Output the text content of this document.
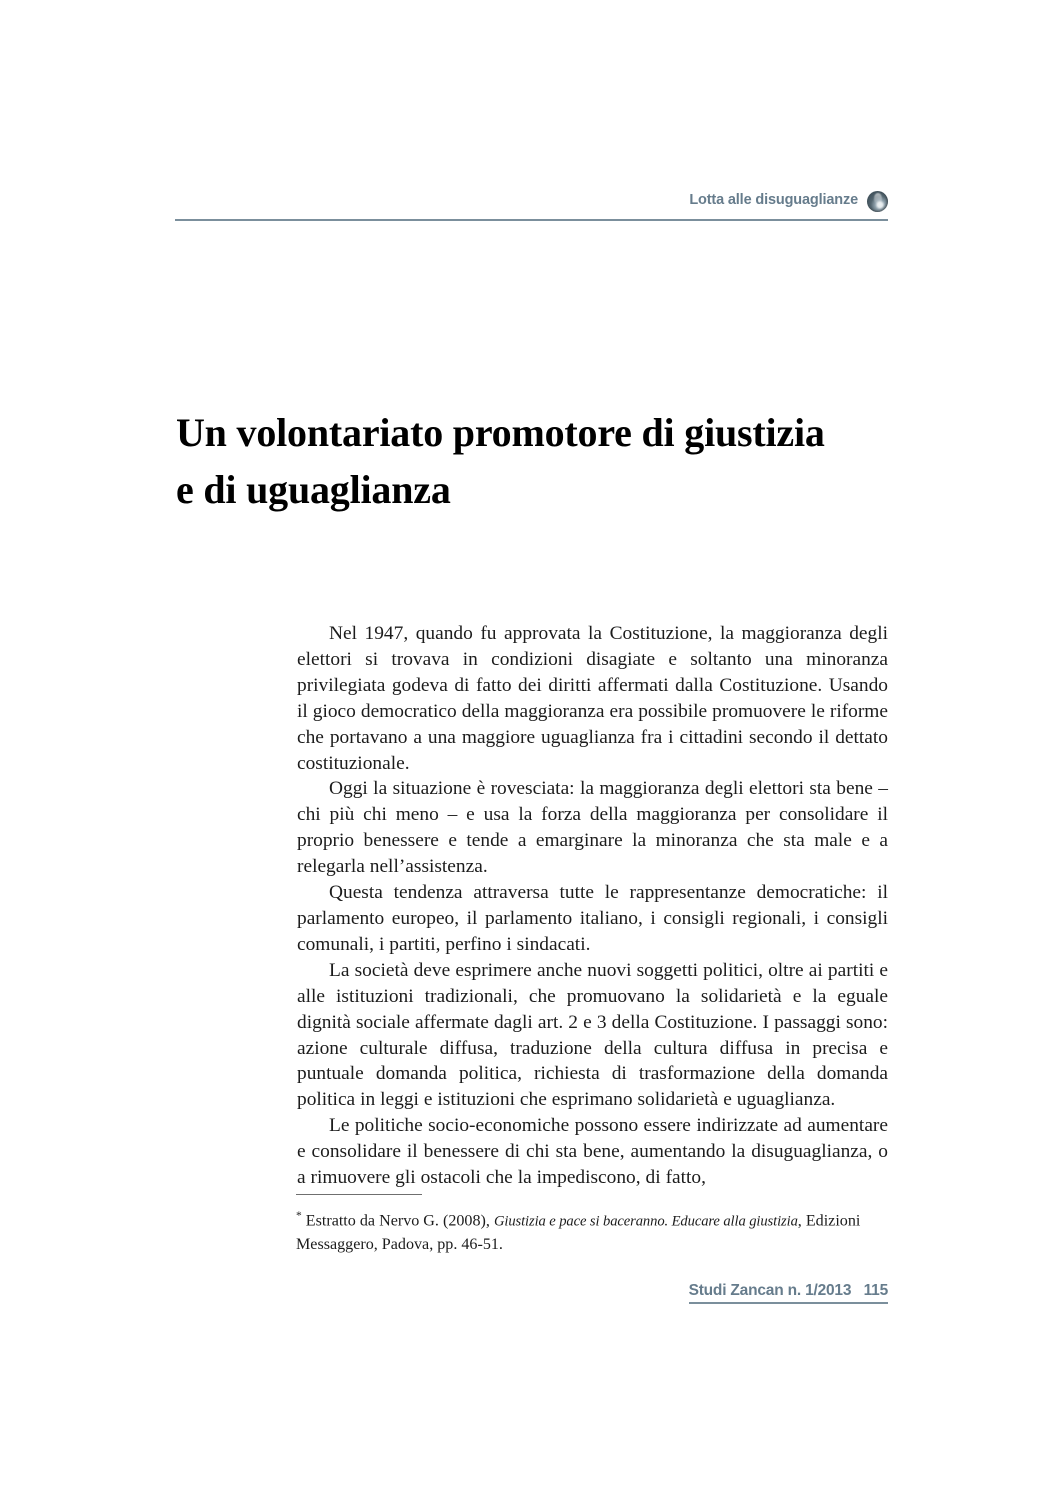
Lotta alle disuguaglianze
Un volontariato promotore di giustizia
e di uguaglianza

Nel 1947, quando fu approvata la Costituzione, la maggioranza degli elettori si trovava in condizioni disagiate e soltanto una minoranza privilegiata godeva di fatto dei diritti affermati dalla Costituzione. Usando il gioco democratico della maggioranza era possibile promuovere le riforme che portavano a una maggiore uguaglianza fra i cittadini secondo il dettato costituzionale.

Oggi la situazione è rovesciata: la maggioranza degli elettori sta bene – chi più chi meno – e usa la forza della maggioranza per consolidare il proprio benessere e tende a emarginare la minoranza che sta male e a relegarla nell’assistenza.

Questa tendenza attraversa tutte le rappresentanze democratiche: il parlamento europeo, il parlamento italiano, i consigli regionali, i consigli comunali, i partiti, perfino i sindacati.

La società deve esprimere anche nuovi soggetti politici, oltre ai partiti e alle istituzioni tradizionali, che promuovano la solidarietà e la eguale dignità sociale affermate dagli art. 2 e 3 della Costituzione. I passaggi sono: azione culturale diffusa, traduzione della cultura diffusa in precisa e puntuale domanda politica, richiesta di trasformazione della domanda politica in leggi e istituzioni che esprimano solidarietà e uguaglianza.

Le politiche socio-economiche possono essere indirizzate ad aumentare e consolidare il benessere di chi sta bene, aumentando la disuguaglianza, o a rimuovere gli ostacoli che la impediscono, di fatto,

* Estratto da Nervo G. (2008), Giustizia e pace si baceranno. Educare alla giustizia, Edizioni Messaggero, Padova, pp. 46-51.

Studi Zancan n. 1/2013   115
